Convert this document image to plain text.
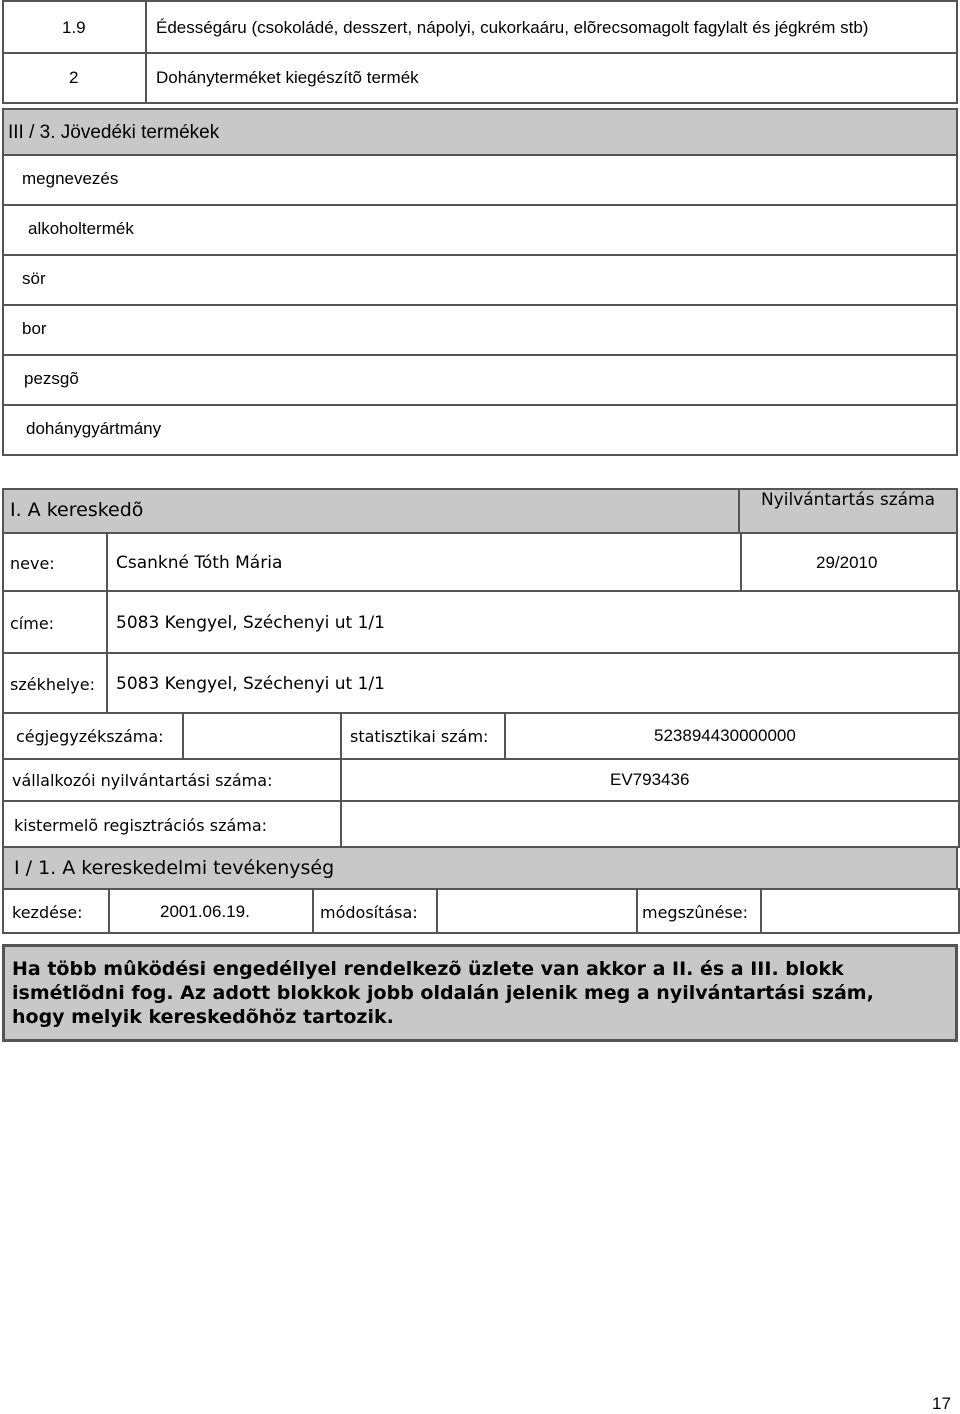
1.9	Édességáru (csokoládé, desszert, nápolyi, cukorkaáru, elõrecsomagolt fagylalt és jégkrém stb)
2	Dohányterméket kiegészítõ termék
III / 3. Jövedéki termékek
megnevezés
alkoholtermék
sör
bor
pezsgõ
dohánygyártmány
I. A kereskedõ	Nyilvántartás száma
neve:	Csankné Tóth Mária	29/2010
címe:	5083 Kengyel, Széchenyi ut 1/1
székhelye: 5083 Kengyel, Széchenyi ut 1/1
cégjegyzékszáma:	statisztikai szám:	523894430000000
vállalkozói nyilvántartási száma:	EV793436
kistermelõ regisztrációs száma:
I / 1. A kereskedelmi tevékenység
kezdése:	2001.06.19.	módosítása:	megszûnése:
Ha több mûködési engedéllyel rendelkezõ üzlete van akkor a II. és a III. blokk ismétlõdni fog. Az adott blokkok jobb oldalán jelenik meg a nyilvántartási szám, hogy melyik kereskedõhöz tartozik.
17
